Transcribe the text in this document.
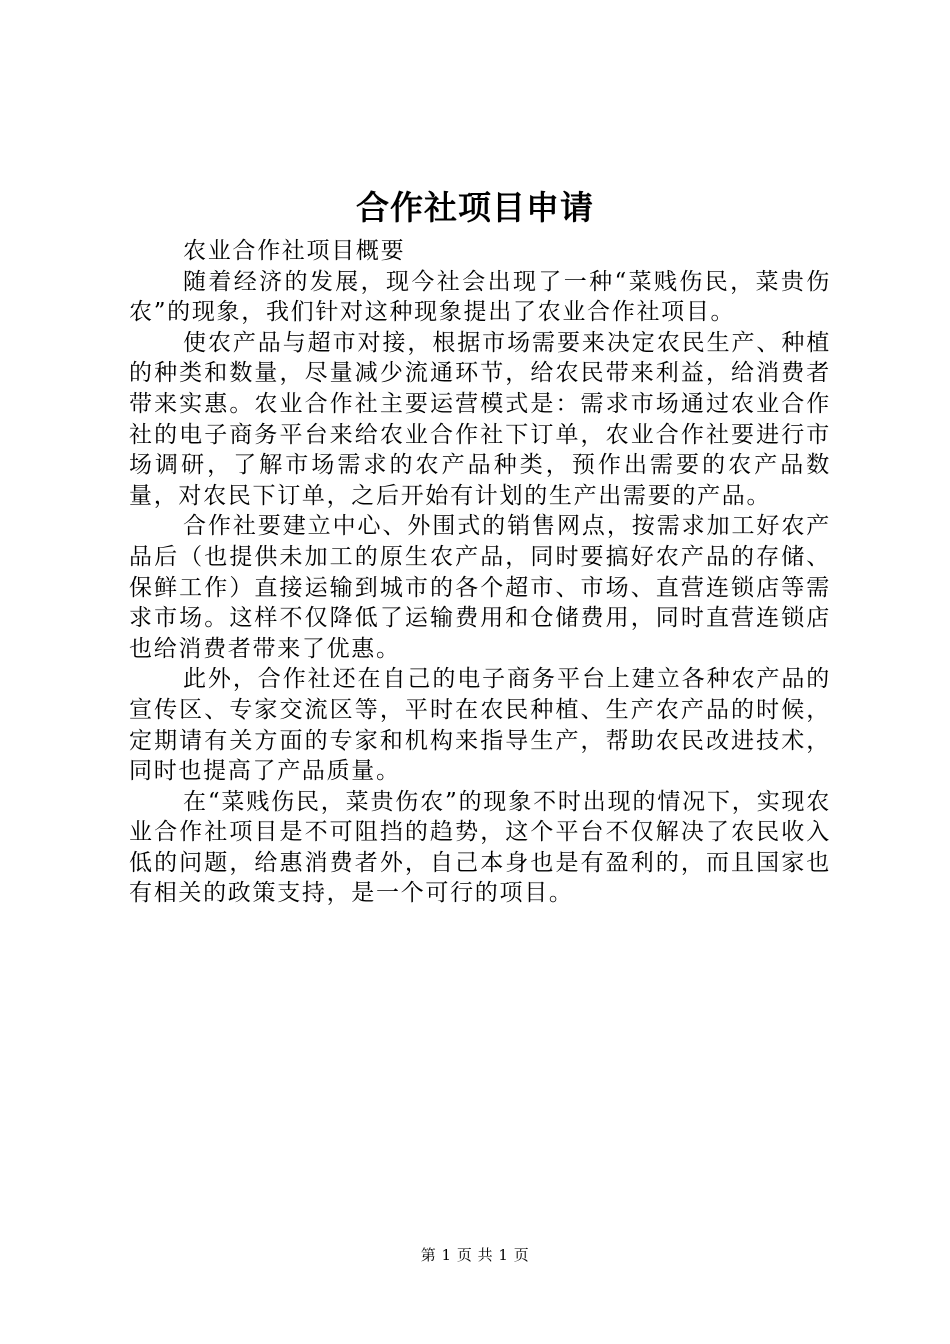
合作社项目申请

农业合作社项目概要

随着经济的发展，现今社会出现了一种“菜贱伤民，菜贵伤农”的现象，我们针对这种现象提出了农业合作社项目。

使农产品与超市对接，根据市场需要来决定农民生产、种植的种类和数量，尽量减少流通环节，给农民带来利益，给消费者带来实惠。农业合作社主要运营模式是：需求市场通过农业合作社的电子商务平台来给农业合作社下订单，农业合作社要进行市场调研，了解市场需求的农产品种类，预作出需要的农产品数量，对农民下订单，之后开始有计划的生产出需要的产品。

合作社要建立中心、外围式的销售网点，按需求加工好农产品后（也提供未加工的原生农产品，同时要搞好农产品的存储、保鲜工作）直接运输到城市的各个超市、市场、直营连锁店等需求市场。这样不仅降低了运输费用和仓储费用，同时直营连锁店也给消费者带来了优惠。

此外，合作社还在自己的电子商务平台上建立各种农产品的宣传区、专家交流区等，平时在农民种植、生产农产品的时候，定期请有关方面的专家和机构来指导生产，帮助农民改进技术，同时也提高了产品质量。

在“菜贱伤民，菜贵伤农”的现象不时出现的情况下，实现农业合作社项目是不可阻挡的趋势，这个平台不仅解决了农民收入低的问题，给惠消费者外，自己本身也是有盈利的，而且国家也有相关的政策支持，是一个可行的项目。

第 1 页 共 1 页
